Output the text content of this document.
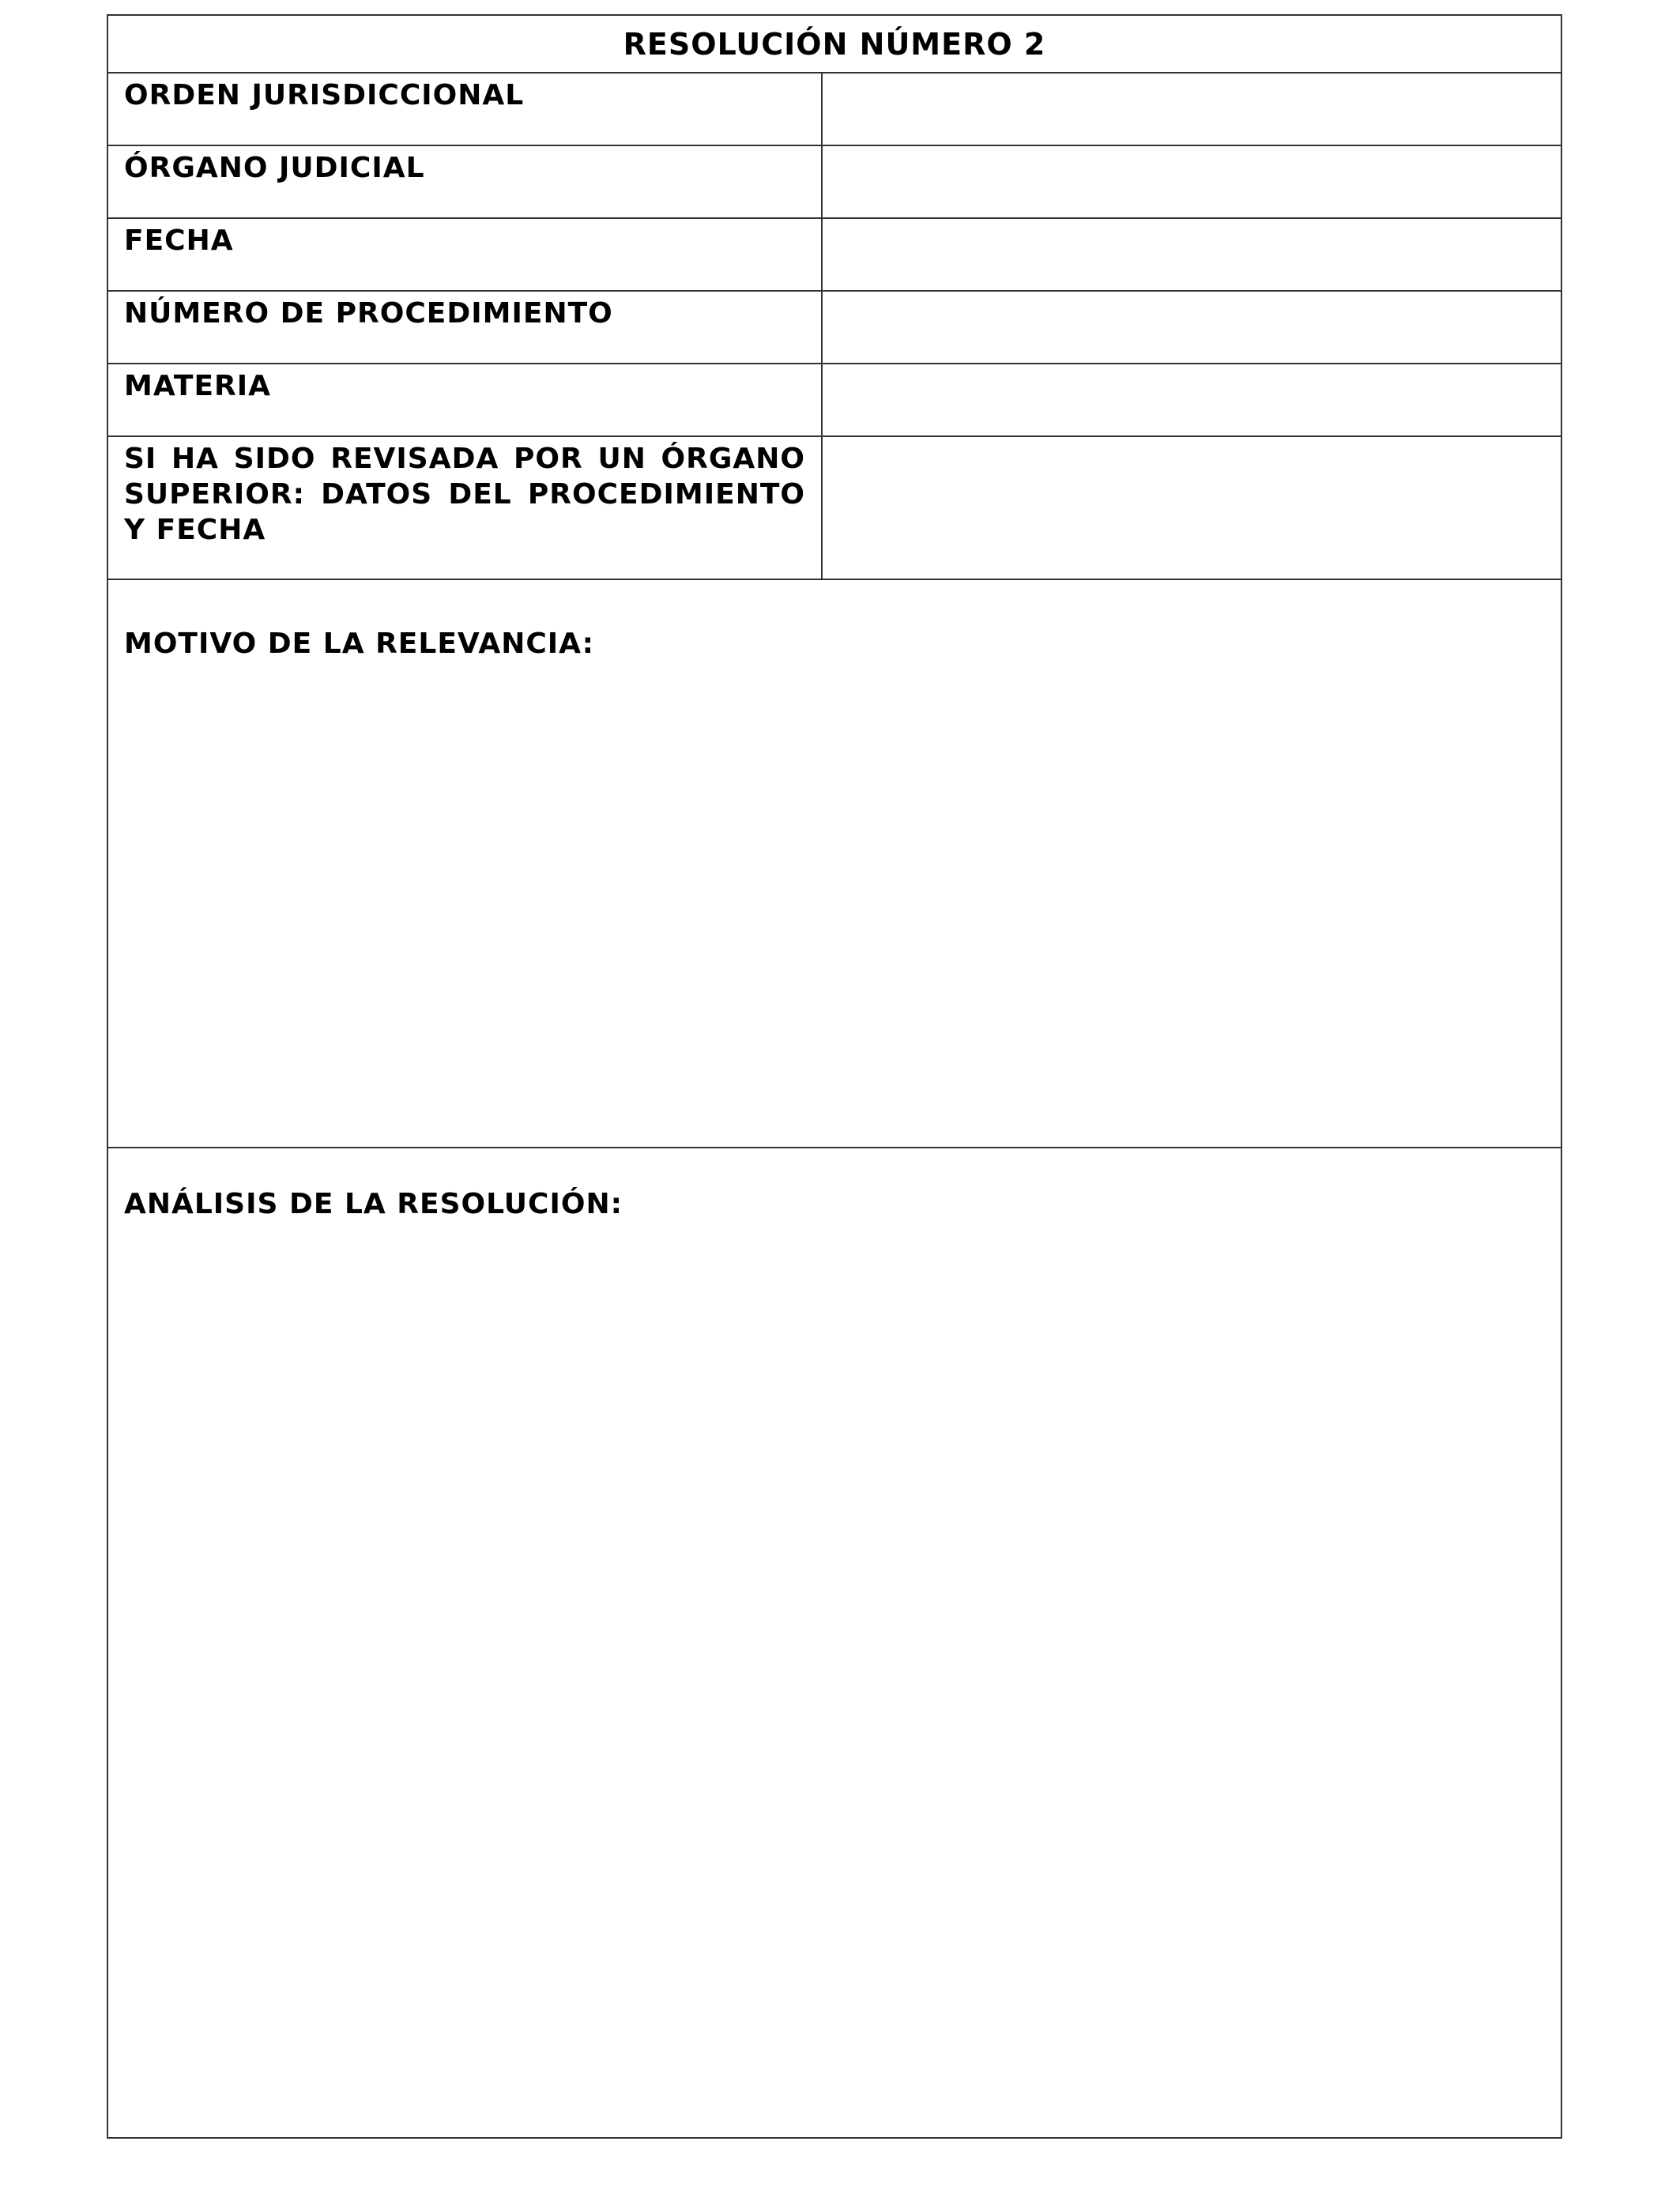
RESOLUCIÓN NÚMERO 2
ORDEN JURISDICCIONAL
ÓRGANO JUDICIAL
FECHA
NÚMERO DE PROCEDIMIENTO
MATERIA
SI HA SIDO REVISADA POR UN ÓRGANO SUPERIOR: DATOS DEL PROCEDIMIENTO Y FECHA
MOTIVO DE LA RELEVANCIA:
ANÁLISIS DE LA RESOLUCIÓN:
